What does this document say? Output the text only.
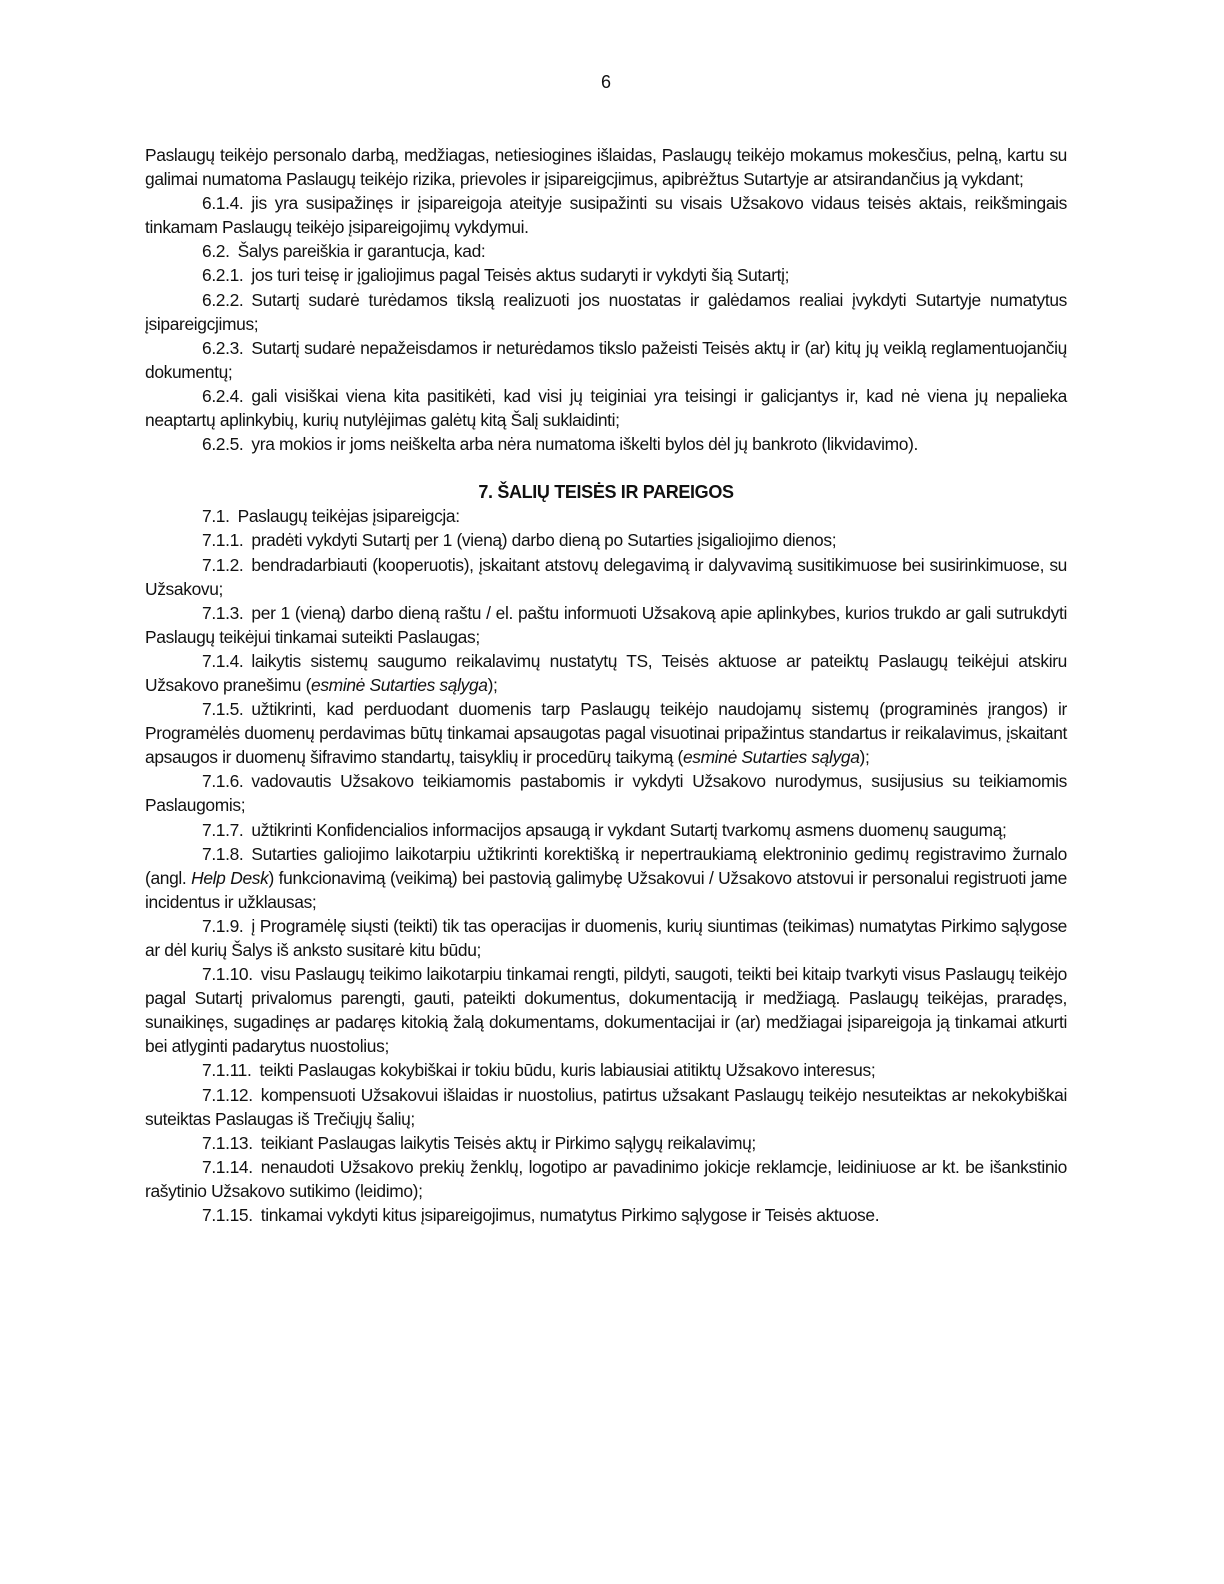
6

Paslaugų teikėjo personalo darbą, medžiagas, netiesiogines išlaidas, Paslaugų teikėjo mokamus mokesčius, pelną, kartu su galimai numatoma Paslaugų teikėjo rizika, prievoles ir įsipareigcjimus, apibrėžtus Sutartyje ar atsirandančius ją vykdant;

6.1.4. jis yra susipažinęs ir įsipareigoja ateityje susipažinti su visais Užsakovo vidaus teisės aktais, reikšmingais tinkamam Paslaugų teikėjo įsipareigojimų vykdymui.

6.2. Šalys pareiškia ir garantucja, kad:

6.2.1. jos turi teisę ir įgaliojimus pagal Teisės aktus sudaryti ir vykdyti šią Sutartį;

6.2.2. Sutartį sudarė turėdamos tikslą realizuoti jos nuostatas ir galėdamos realiai įvykdyti Sutartyje numatytus įsipareigcjimus;

6.2.3. Sutartį sudarė nepažeisdamos ir neturėdamos tikslo pažeisti Teisės aktų ir (ar) kitų jų veiklą reglamentuojančių dokumentų;

6.2.4. gali visiškai viena kita pasitikėti, kad visi jų teiginiai yra teisingi ir galicjantys ir, kad nė viena jų nepalieka neaptartų aplinkybių, kurių nutylėjimas galėtų kitą Šalį suklaidinti;

6.2.5. yra mokios ir joms neiškelta arba nėra numatoma iškelti bylos dėl jų bankroto (likvidavimo).

7. ŠALIŲ TEISĖS IR PAREIGOS

7.1. Paslaugų teikėjas įsipareigcja:

7.1.1. pradėti vykdyti Sutartį per 1 (vieną) darbo dieną po Sutarties įsigaliojimo dienos;

7.1.2. bendradarbiauti (kooperuotis), įskaitant atstovų delegavimą ir dalyvavimą susitikimuose bei susirinkimuose, su Užsakovu;

7.1.3. per 1 (vieną) darbo dieną raštu / el. paštu informuoti Užsakovą apie aplinkybes, kurios trukdo ar gali sutrukdyti Paslaugų teikėjui tinkamai suteikti Paslaugas;

7.1.4. laikytis sistemų saugumo reikalavimų nustatytų TS, Teisės aktuose ar pateiktų Paslaugų teikėjui atskiru Užsakovo pranešimu (esminė Sutarties sąlyga);

7.1.5. užtikrinti, kad perduodant duomenis tarp Paslaugų teikėjo naudojamų sistemų (programinės įrangos) ir Programėlės duomenų perdavimas būtų tinkamai apsaugotas pagal visuotinai pripažintus standartus ir reikalavimus, įskaitant apsaugos ir duomenų šifravimo standartų, taisyklių ir procedūrų taikymą (esminė Sutarties sąlyga);

7.1.6. vadovautis Užsakovo teikiamomis pastabomis ir vykdyti Užsakovo nurodymus, susijusius su teikiamomis Paslaugomis;

7.1.7. užtikrinti Konfidencialios informacijos apsaugą ir vykdant Sutartį tvarkomų asmens duomenų saugumą;

7.1.8. Sutarties galiojimo laikotarpiu užtikrinti korektišką ir nepertraukiamą elektroninio gedimų registravimo žurnalo (angl. Help Desk) funkcionavimą (veikimą) bei pastovią galimybę Užsakovui / Užsakovo atstovui ir personalui registruoti jame incidentus ir užklausas;

7.1.9. į Programėlę siųsti (teikti) tik tas operacijas ir duomenis, kurių siuntimas (teikimas) numatytas Pirkimo sąlygose ar dėl kurių Šalys iš anksto susitarė kitu būdu;

7.1.10. visu Paslaugų teikimo laikotarpiu tinkamai rengti, pildyti, saugoti, teikti bei kitaip tvarkyti visus Paslaugų teikėjo pagal Sutartį privalomus parengti, gauti, pateikti dokumentus, dokumentaciją ir medžiagą. Paslaugų teikėjas, praradęs, sunaikinęs, sugadinęs ar padaręs kitokią žalą dokumentams, dokumentacijai ir (ar) medžiagai įsipareigoja ją tinkamai atkurti bei atlyginti padarytus nuostolius;

7.1.11. teikti Paslaugas kokybiškai ir tokiu būdu, kuris labiausiai atitiktų Užsakovo interesus;

7.1.12. kompensuoti Užsakovui išlaidas ir nuostolius, patirtus užsakant Paslaugų teikėjo nesuteiktas ar nekokybiškai suteiktas Paslaugas iš Trečiųjų šalių;

7.1.13. teikiant Paslaugas laikytis Teisės aktų ir Pirkimo sąlygų reikalavimų;

7.1.14. nenaudoti Užsakovo prekių ženklų, logotipo ar pavadinimo jokicje reklamcje, leidiniuose ar kt. be išankstinio rašytinio Užsakovo sutikimo (leidimo);

7.1.15. tinkamai vykdyti kitus įsipareigojimus, numatytus Pirkimo sąlygose ir Teisės aktuose.
